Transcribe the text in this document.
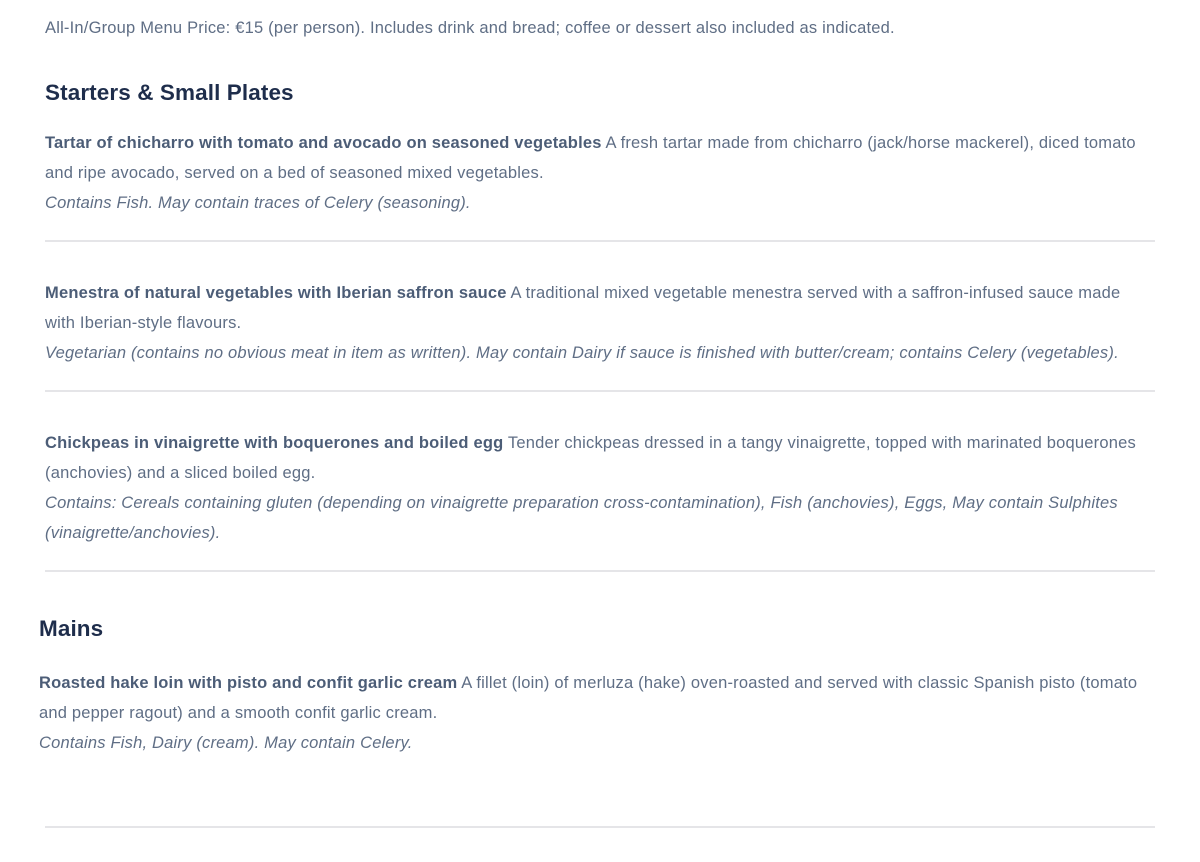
All-In/Group Menu Price: €15 (per person). Includes drink and bread; coffee or dessert also included as indicated.

Starters & Small Plates

Tartar of chicharro with tomato and avocado on seasoned vegetables A fresh tartar made from chicharro (jack/horse mackerel), diced tomato and ripe avocado, served on a bed of seasoned mixed vegetables.

Contains Fish. May contain traces of Celery (seasoning).

Menestra of natural vegetables with Iberian saffron sauce A traditional mixed vegetable menestra served with a saffron-infused sauce made with Iberian-style flavours.

Vegetarian (contains no obvious meat in item as written). May contain Dairy if sauce is finished with butter/cream; contains Celery (vegetables).

Chickpeas in vinaigrette with boquerones and boiled egg Tender chickpeas dressed in a tangy vinaigrette, topped with marinated boquerones (anchovies) and a sliced boiled egg.

Contains: Cereals containing gluten (depending on vinaigrette preparation cross-contamination), Fish (anchovies), Eggs, May contain Sulphites (vinaigrette/anchovies).

Mains

Roasted hake loin with pisto and confit garlic cream A fillet (loin) of merluza (hake) oven-roasted and served with classic Spanish pisto (tomato and pepper ragout) and a smooth confit garlic cream.

Contains Fish, Dairy (cream). May contain Celery.
